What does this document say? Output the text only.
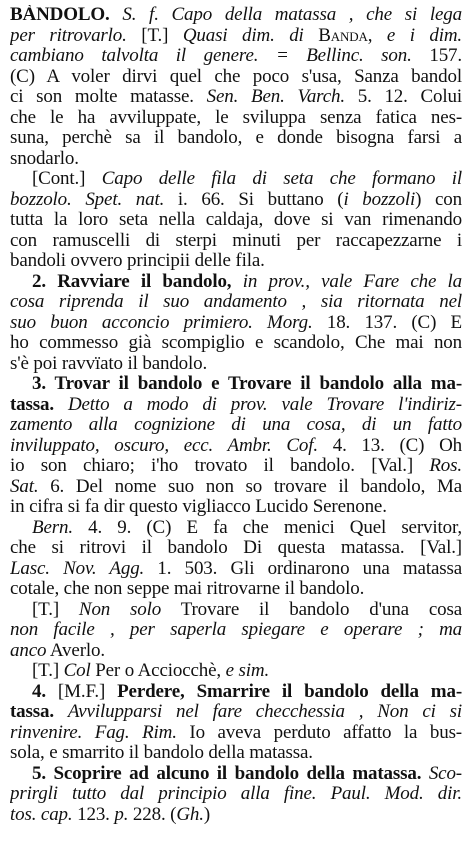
BÀNDOLO. S. f. Capo della matassa , che si lega
per ritrovarlo. [T.] Quasi dim. di Banda, e i dim.
cambiano talvolta il genere. = Bellinc. son. 157.
(C) A voler dirvi quel che poco s'usa, Sanza bandol
ci son molte matasse. Sen. Ben. Varch. 5. 12. Colui
che le ha avviluppate, le sviluppa senza fatica nes-
suna, perchè sa il bandolo, e donde bisogna farsi a
snodarlo.
[Cont.] Capo delle fila di seta che formano il
bozzolo. Spet. nat. i. 66. Si buttano (i bozzoli) con
tutta la loro seta nella caldaja, dove si van rimenando
con ramuscelli di sterpi minuti per raccapezzarne i
bandoli ovvero principii delle fila.
2. Ravviare il bandolo, in prov., vale Fare che la
cosa riprenda il suo andamento , sia ritornata nel
suo buon acconcio primiero. Morg. 18. 137. (C) E
ho commesso già scompiglio e scandolo, Che mai non
s'è poi ravvïato il bandolo.
3. Trovar il bandolo e Trovare il bandolo alla ma-
tassa. Detto a modo di prov. vale Trovare l'indiriz-
zamento alla cognizione di una cosa, di un fatto
inviluppato, oscuro, ecc. Ambr. Cof. 4. 13. (C) Oh
io son chiaro; i'ho trovato il bandolo. [Val.] Ros.
Sat. 6. Del nome suo non so trovare il bandolo, Ma
in cifra si fa dir questo vigliacco Lucido Serenone.
Bern. 4. 9. (C) E fa che menici Quel servitor,
che si ritrovi il bandolo Di questa matassa. [Val.]
Lasc. Nov. Agg. 1. 503. Gli ordinarono una matassa
cotale, che non seppe mai ritrovarne il bandolo.
[T.] Non solo Trovare il bandolo d'una cosa
non facile , per saperla spiegare e operare ; ma
anco Averlo.
[T.] Col Per o Acciocchè, e sim.
4. [M.F.] Perdere, Smarrire il bandolo della ma-
tassa. Avvilupparsi nel fare checchessia , Non ci si
rinvenire. Fag. Rim. Io aveva perduto affatto la bus-
sola, e smarrito il bandolo della matassa.
5. Scoprire ad alcuno il bandolo della matassa. Sco-
prirgli tutto dal principio alla fine. Paul. Mod. dir.
tos. cap. 123. p. 228. (Gh.)
